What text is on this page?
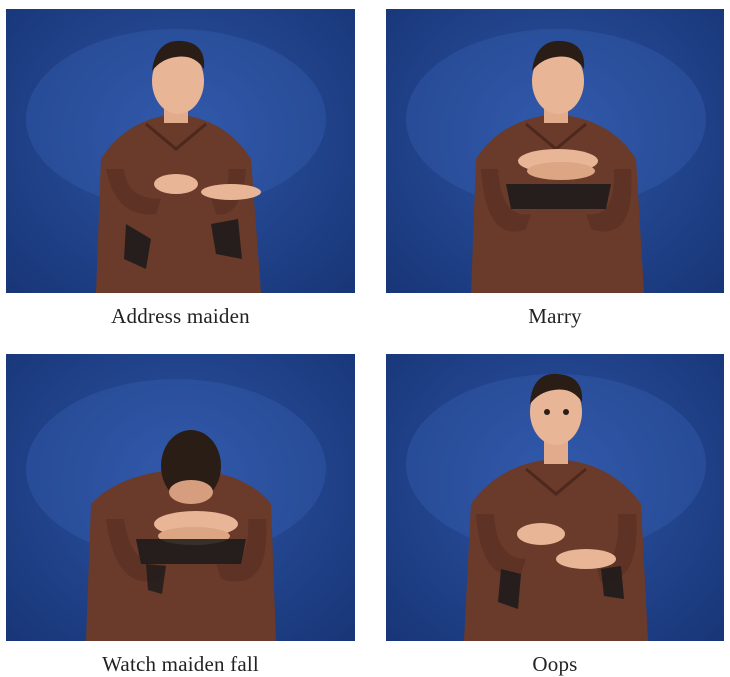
Address maiden	Marry
Watch maiden fall	Oops
